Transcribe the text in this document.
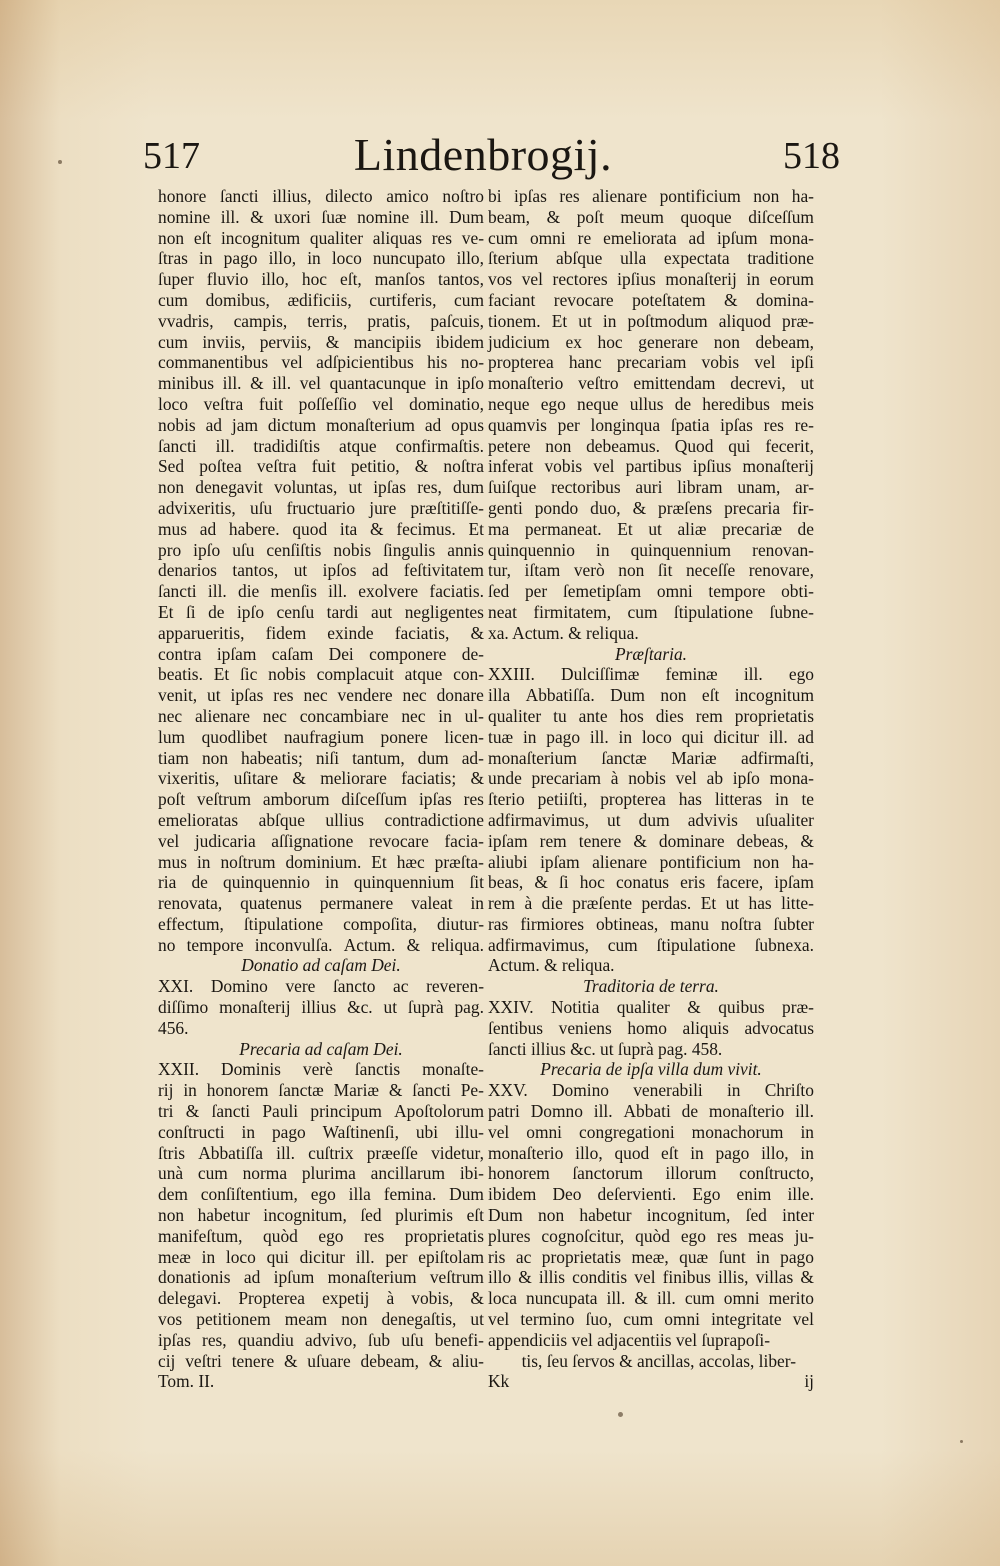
517	Lindenbrogij.	518
honore ſancti illius, dilecto amico noſtro
nomine ill. & uxori ſuæ nomine ill. Dum
non eſt incognitum qualiter aliquas res ve-
ſtras in pago illo, in loco nuncupato illo,
ſuper fluvio illo, hoc eſt, manſos tantos,
cum domibus, ædificiis, curtiferis, cum
vvadris, campis, terris, pratis, paſcuis,
cum inviis, perviis, & mancipiis ibidem
commanentibus vel adſpicientibus his no-
minibus ill. & ill. vel quantacunque in ipſo
loco veſtra fuit poſſeſſio vel dominatio,
nobis ad jam dictum monaſterium ad opus
ſancti ill. tradidiſtis atque confirmaſtis.
Sed poſtea veſtra fuit petitio, & noſtra
non denegavit voluntas, ut ipſas res, dum
advixeritis, uſu fructuario jure præſtitiſſe-
mus ad habere. quod ita & fecimus. Et
pro ipſo uſu cenſiſtis nobis ſingulis annis
denarios tantos, ut ipſos ad feſtivitatem
ſancti ill. die menſis ill. exolvere faciatis.
Et ſi de ipſo cenſu tardi aut negligentes
apparueritis, fidem exinde faciatis, &
contra ipſam caſam Dei componere de-
beatis. Et ſic nobis complacuit atque con-
venit, ut ipſas res nec vendere nec donare
nec alienare nec concambiare nec in ul-
lum quodlibet naufragium ponere licen-
tiam non habeatis; niſi tantum, dum ad-
vixeritis, uſitare & meliorare faciatis; &
poſt veſtrum amborum diſceſſum ipſas res
emelioratas abſque ullius contradictione
vel judicaria aſſignatione revocare facia-
mus in noſtrum dominium. Et hæc præſta-
ria de quinquennio in quinquennium ſit
renovata, quatenus permanere valeat in
effectum, ſtipulatione compoſita, diutur-
no tempore inconvulſa. Actum. & reliqua.
Donatio ad caſam Dei.
XXI. Domino vere ſancto ac reveren-
diſſimo monaſterij illius &c. ut ſuprà pag.
456.
Precaria ad caſam Dei.
XXII. Dominis verè ſanctis monaſte-
rij in honorem ſanctæ Mariæ & ſancti Pe-
tri & ſancti Pauli principum Apoſtolorum
conſtructi in pago Waſtinenſi, ubi illu-
ſtris Abbatiſſa ill. cuſtrix præeſſe videtur,
unà cum norma plurima ancillarum ibi-
dem conſiſtentium, ego illa femina. Dum
non habetur incognitum, ſed plurimis eſt
manifeſtum, quòd ego res proprietatis
meæ in loco qui dicitur ill. per epiſtolam
donationis ad ipſum monaſterium veſtrum
delegavi. Propterea expetij à vobis, &
vos petitionem meam non denegaſtis, ut
ipſas res, quandiu advivo, ſub uſu benefi-
cij veſtri tenere & uſuare debeam, & aliu-
Tom. II.
bi ipſas res alienare pontificium non ha-
beam, & poſt meum quoque diſceſſum
cum omni re emeliorata ad ipſum mona-
ſterium abſque ulla expectata traditione
vos vel rectores ipſius monaſterij in eorum
faciant revocare poteſtatem & domina-
tionem. Et ut in poſtmodum aliquod præ-
judicium ex hoc generare non debeam,
propterea hanc precariam vobis vel ipſi
monaſterio veſtro emittendam decrevi, ut
neque ego neque ullus de heredibus meis
quamvis per longinqua ſpatia ipſas res re-
petere non debeamus. Quod qui fecerit,
inferat vobis vel partibus ipſius monaſterij
ſuiſque rectoribus auri libram unam, ar-
genti pondo duo, & præſens precaria fir-
ma permaneat. Et ut aliæ precariæ de
quinquennio in quinquennium renovan-
tur, iſtam verò non ſit neceſſe renovare,
ſed per ſemetipſam omni tempore obti-
neat firmitatem, cum ſtipulatione ſubne-
xa. Actum. & reliqua.
Præſtaria.
XXIII. Dulciſſimæ feminæ ill. ego
illa Abbatiſſa. Dum non eſt incognitum
qualiter tu ante hos dies rem proprietatis
tuæ in pago ill. in loco qui dicitur ill. ad
monaſterium ſanctæ Mariæ adfirmaſti,
unde precariam à nobis vel ab ipſo mona-
ſterio petiiſti, propterea has litteras in te
adfirmavimus, ut dum advivis uſualiter
ipſam rem tenere & dominare debeas, &
aliubi ipſam alienare pontificium non ha-
beas, & ſi hoc conatus eris facere, ipſam
rem à die præſente perdas. Et ut has litte-
ras firmiores obtineas, manu noſtra ſubter
adfirmavimus, cum ſtipulatione ſubnexa.
Actum. & reliqua.
Traditoria de terra.
XXIV. Notitia qualiter & quibus præ-
ſentibus veniens homo aliquis advocatus
ſancti illius &c. ut ſuprà pag. 458.
Precaria de ipſa villa dum vivit.
XXV. Domino venerabili in Chriſto
patri Domno ill. Abbati de monaſterio ill.
vel omni congregationi monachorum in
monaſterio illo, quod eſt in pago illo, in
honorem ſanctorum illorum conſtructo,
ibidem Deo deſervienti. Ego enim ille.
Dum non habetur incognitum, ſed inter
plures cognoſcitur, quòd ego res meas ju-
ris ac proprietatis meæ, quæ ſunt in pago
illo & illis conditis vel finibus illis, villas &
loca nuncupata ill. & ill. cum omni merito
vel termino ſuo, cum omni integritate vel
appendiciis vel adjacentiis vel ſuprapoſi-
tis, ſeu ſervos & ancillas, accolas, liber-
Kk	ij
